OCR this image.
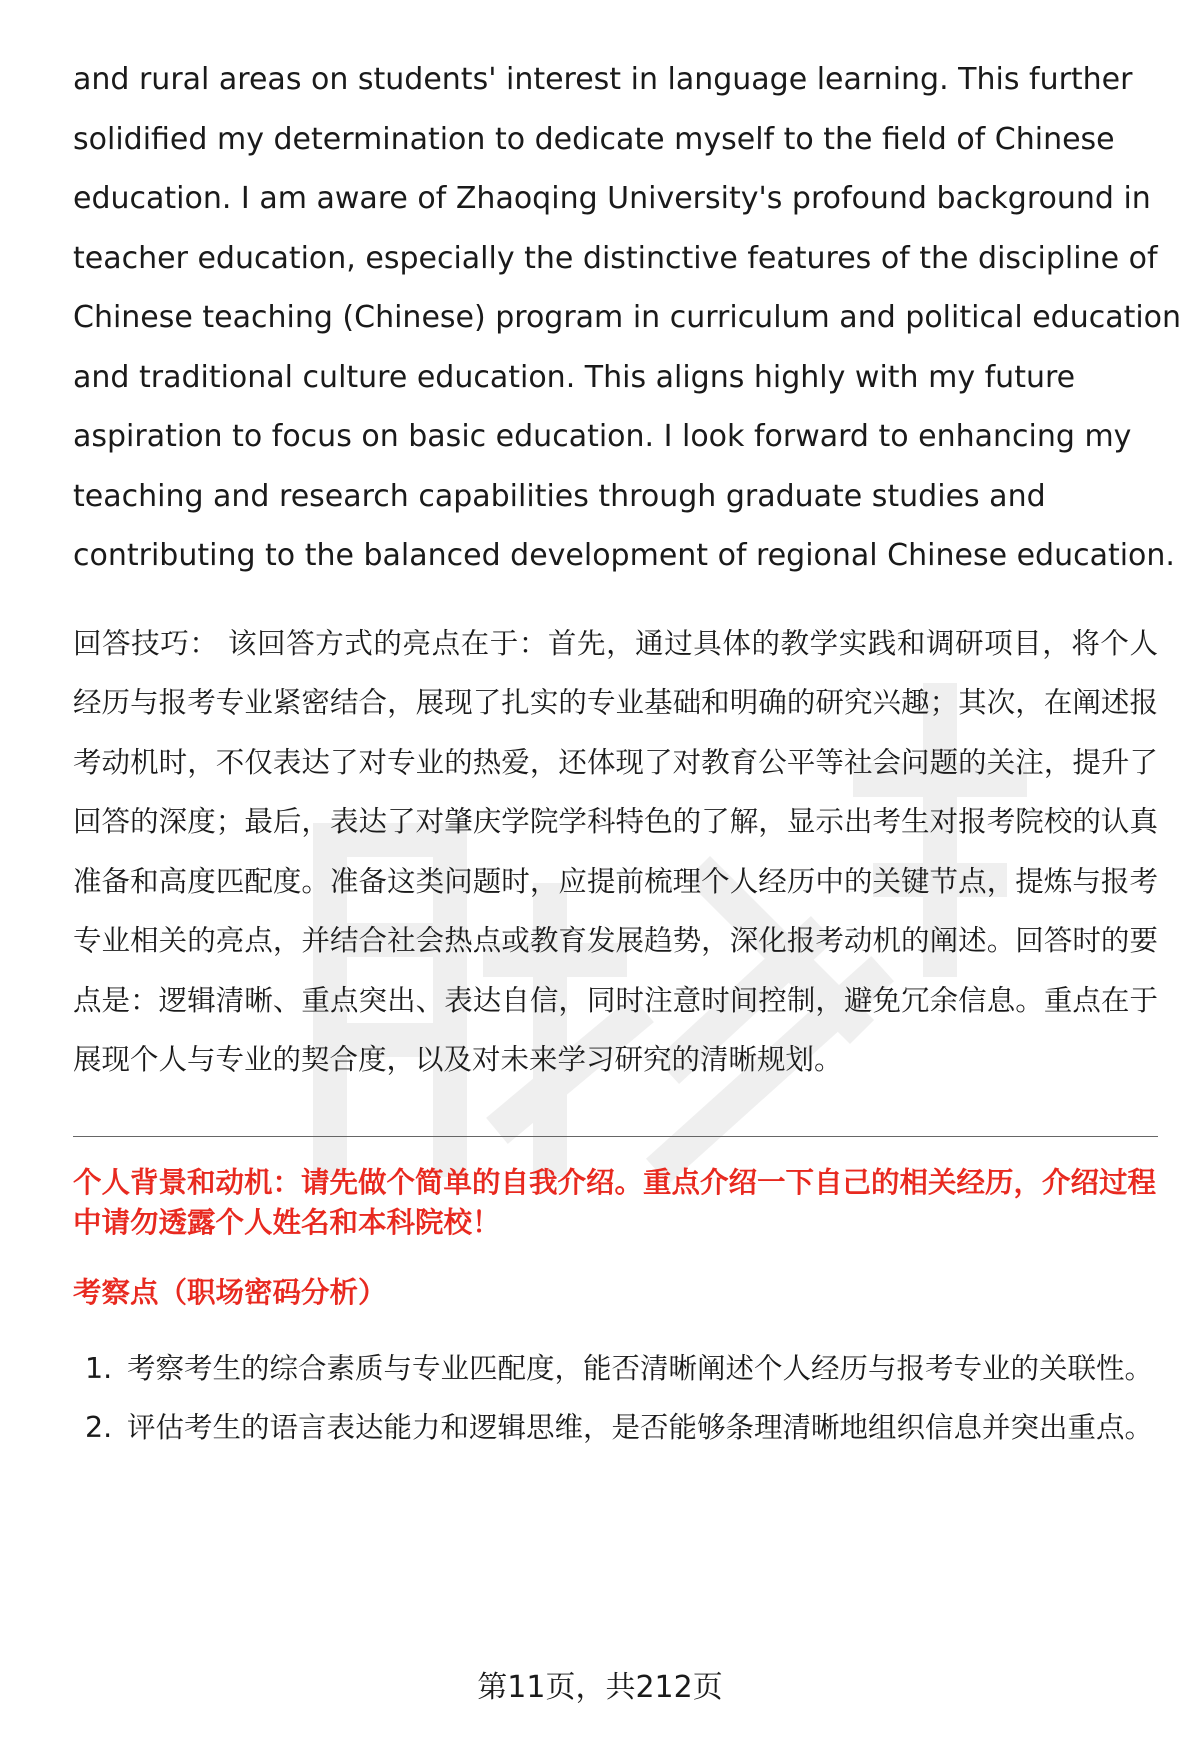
and rural areas on students' interest in language learning. This further
solidified my determination to dedicate myself to the field of Chinese
education. I am aware of Zhaoqing University's profound background in
teacher education, especially the distinctive features of the discipline of
Chinese teaching (Chinese) program in curriculum and political education
and traditional culture education. This aligns highly with my future
aspiration to focus on basic education. I look forward to enhancing my
teaching and research capabilities through graduate studies and
contributing to the balanced development of regional Chinese education.

回答技巧： 该回答方式的亮点在于：首先，通过具体的教学实践和调研项目，将个人经历与报考专业紧密结合，展现了扎实的专业基础和明确的研究兴趣；其次，在阐述报考动机时，不仅表达了对专业的热爱，还体现了对教育公平等社会问题的关注，提升了回答的深度；最后，表达了对肇庆学院学科特色的了解，显示出考生对报考院校的认真准备和高度匹配度。准备这类问题时，应提前梳理个人经历中的关键节点，提炼与报考专业相关的亮点，并结合社会热点或教育发展趋势，深化报考动机的阐述。回答时的要点是：逻辑清晰、重点突出、表达自信，同时注意时间控制，避免冗余信息。重点在于展现个人与专业的契合度，以及对未来学习研究的清晰规划。

个人背景和动机：请先做个简单的自我介绍。重点介绍一下自己的相关经历，介绍过程中请勿透露个人姓名和本科院校！

考察点（职场密码分析）

1. 考察考生的综合素质与专业匹配度，能否清晰阐述个人经历与报考专业的关联性。
2. 评估考生的语言表达能力和逻辑思维，是否能够条理清晰地组织信息并突出重点。
第11页，共212页
